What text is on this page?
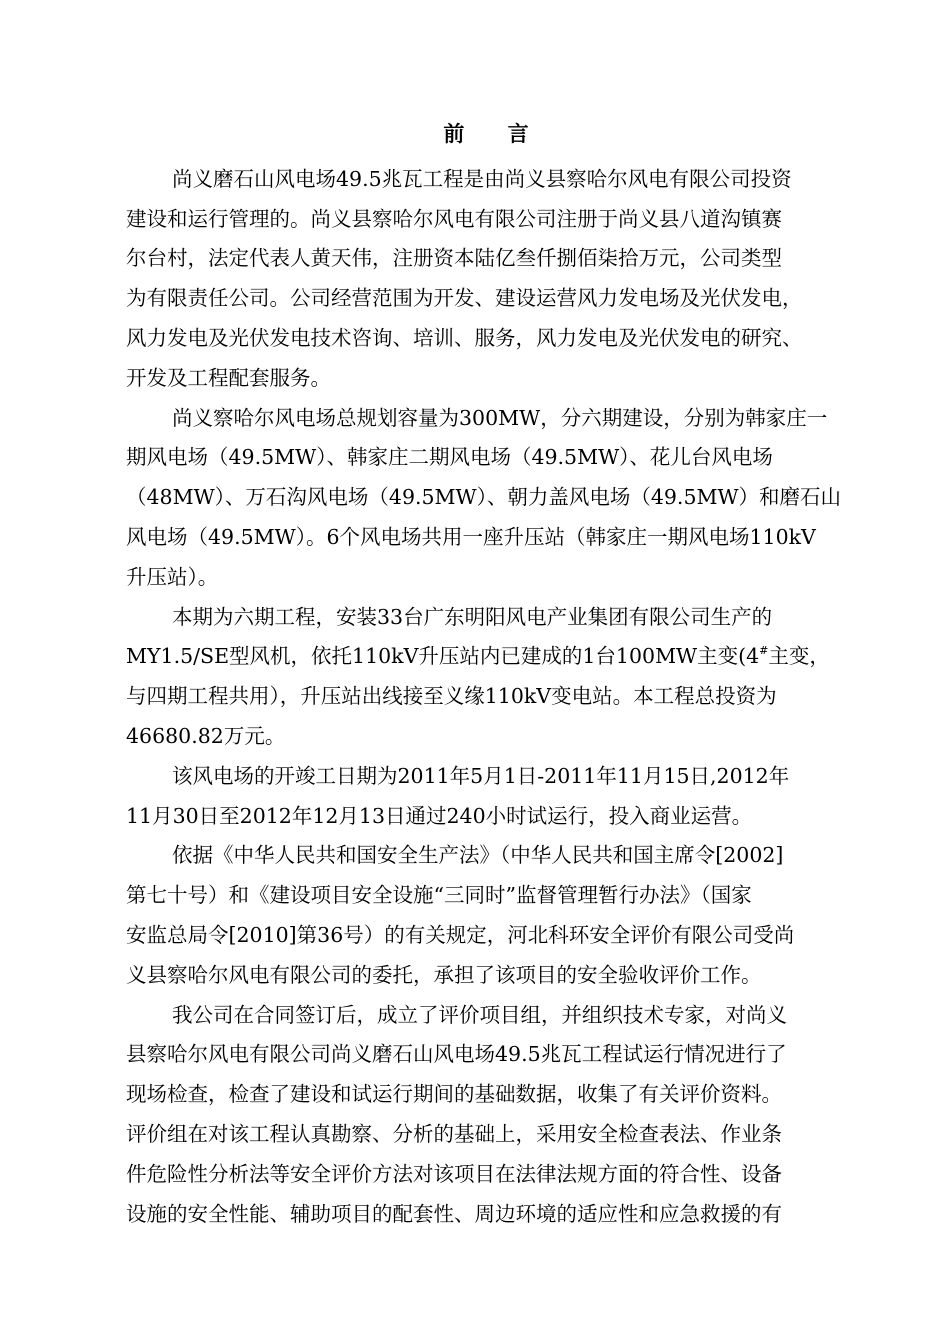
前 言
尚义磨石山风电场49.5兆瓦工程是由尚义县察哈尔风电有限公司投资
建设和运行管理的。尚义县察哈尔风电有限公司注册于尚义县八道沟镇赛
尔台村，法定代表人黄天伟，注册资本陆亿叁仟捌佰柒拾万元，公司类型
为有限责任公司。公司经营范围为开发、建设运营风力发电场及光伏发电，
风力发电及光伏发电技术咨询、培训、服务，风力发电及光伏发电的研究、
开发及工程配套服务。
尚义察哈尔风电场总规划容量为300MW，分六期建设，分别为韩家庄一
期风电场（49.5MW）、韩家庄二期风电场（49.5MW）、花儿台风电场
（48MW）、万石沟风电场（49.5MW）、朝力盖风电场（49.5MW）和磨石山
风电场（49.5MW）。6个风电场共用一座升压站（韩家庄一期风电场110kV
升压站）。
本期为六期工程，安装33台广东明阳风电产业集团有限公司生产的
MY1.5/SE型风机，依托110kV升压站内已建成的1台100MW主变(4#主变，
与四期工程共用），升压站出线接至义缘110kV变电站。本工程总投资为
46680.82万元。
该风电场的开竣工日期为2011年5月1日-2011年11月15日,2012年
11月30日至2012年12月13日通过240小时试运行，投入商业运营。
依据《中华人民共和国安全生产法》（中华人民共和国主席令[2002]
第七十号）和《建设项目安全设施“三同时”监督管理暂行办法》（国家
安监总局令[2010]第36号）的有关规定，河北科环安全评价有限公司受尚
义县察哈尔风电有限公司的委托，承担了该项目的安全验收评价工作。
我公司在合同签订后，成立了评价项目组，并组织技术专家，对尚义
县察哈尔风电有限公司尚义磨石山风电场49.5兆瓦工程试运行情况进行了
现场检查，检查了建设和试运行期间的基础数据，收集了有关评价资料。
评价组在对该工程认真勘察、分析的基础上，采用安全检查表法、作业条
件危险性分析法等安全评价方法对该项目在法律法规方面的符合性、设备
设施的安全性能、辅助项目的配套性、周边环境的适应性和应急救援的有
